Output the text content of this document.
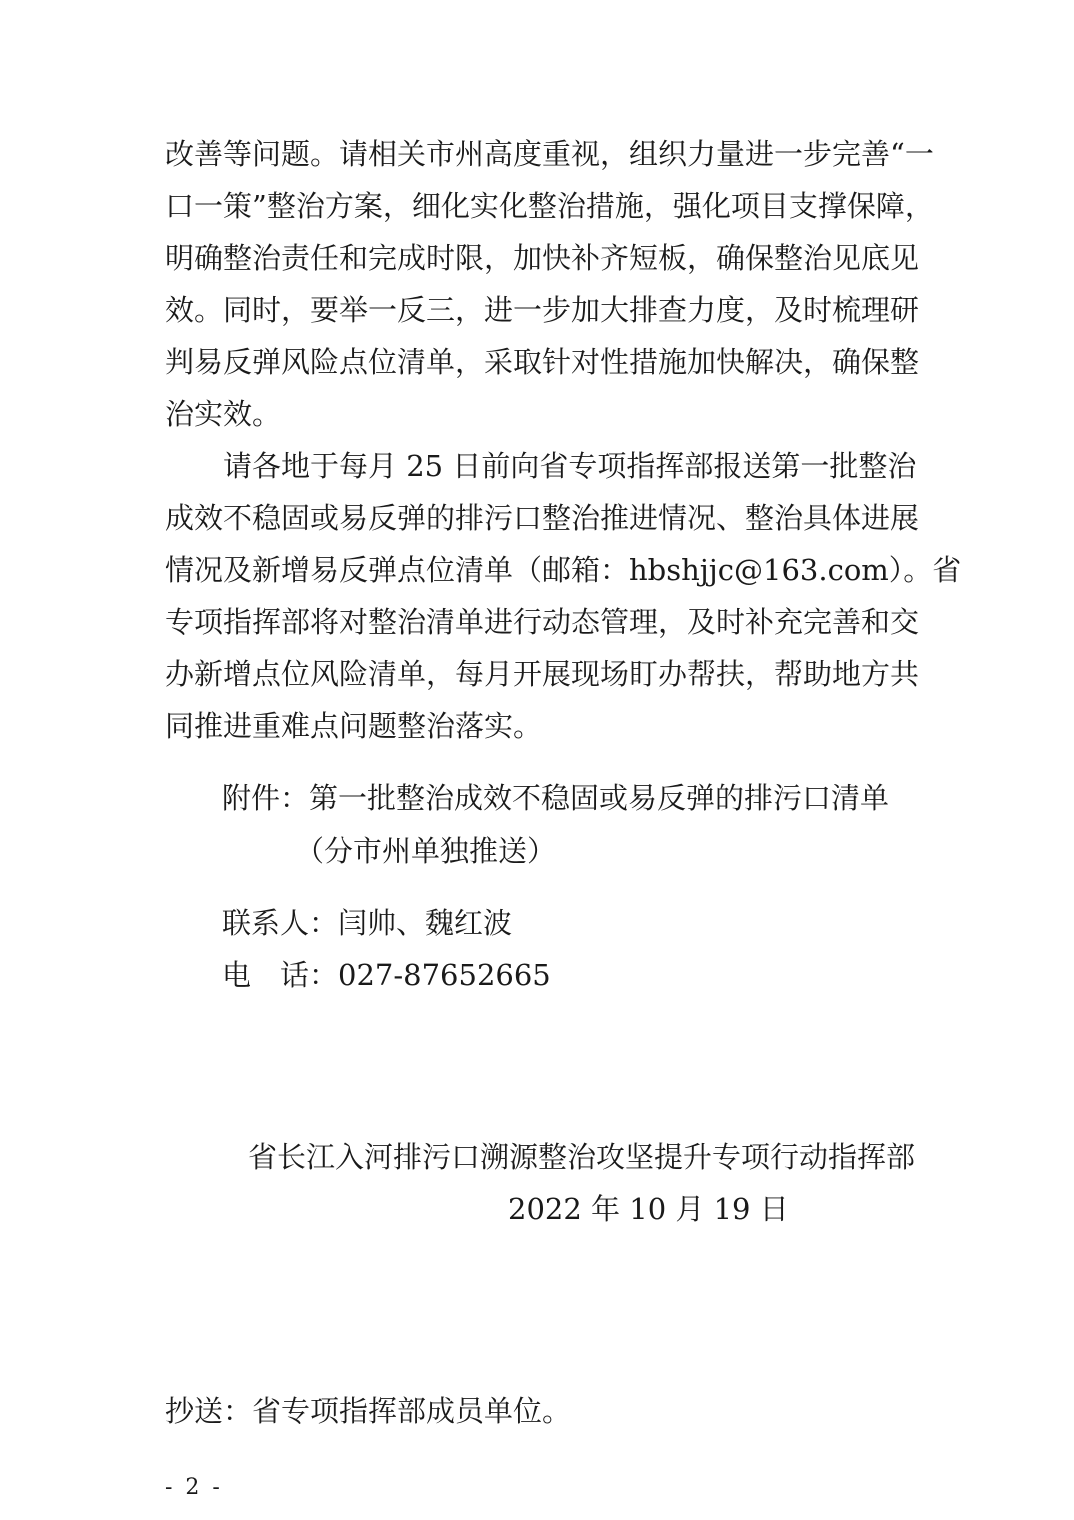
改善等问题。请相关市州高度重视，组织力量进一步完善“一
口一策”整治方案，细化实化整治措施，强化项目支撑保障，
明确整治责任和完成时限，加快补齐短板，确保整治见底见
效。同时，要举一反三，进一步加大排查力度，及时梳理研
判易反弹风险点位清单，采取针对性措施加快解决，确保整
治实效。
请各地于每月 25 日前向省专项指挥部报送第一批整治
成效不稳固或易反弹的排污口整治推进情况、整治具体进展
情况及新增易反弹点位清单（邮箱：hbshjjc@163.com）。省
专项指挥部将对整治清单进行动态管理，及时补充完善和交
办新增点位风险清单，每月开展现场盯办帮扶，帮助地方共
同推进重难点问题整治落实。
附件：第一批整治成效不稳固或易反弹的排污口清单
（分市州单独推送）
联系人：闫帅、魏红波
电　话：027-87652665
省长江入河排污口溯源整治攻坚提升专项行动指挥部
2022 年 10 月 19 日
抄送：省专项指挥部成员单位。
- 2 -
